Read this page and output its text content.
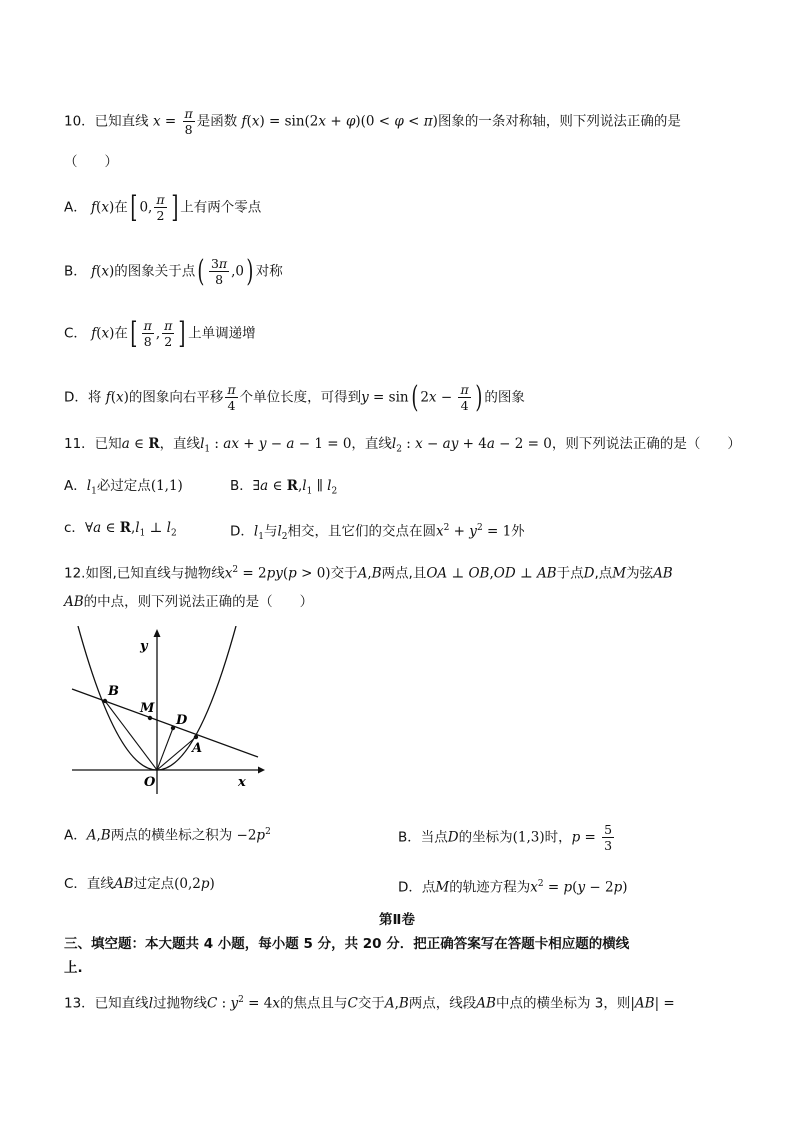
10．已知直线 $x = \frac{\pi}{8}$ 是函数 f(x) = sin(2x + φ)(0 < φ < π)图象的一条对称轴，则下列说法正确的是
（　　）
A． f(x)在[ 0, $\frac{\pi}{2}$ ] 上有两个零点
B． f(x)的图象关于点( $\frac{3\pi}{8} ,0$) 对称
C． f(x)在[ $\frac{\pi}{8}$ , $\frac{\pi}{2}$ ] 上单调递增
D．将 f(x)的图象向右平移 $\frac{\pi}{4}$ 个单位长度，可得到y = sin( $2x - \frac{\pi}{4}$ ) 的图象
11．已知a ∈ R，直线$l_1$ : ax + y − a − 1 = 0，直线$l_2$ : x − ay + 4a − 2 = 0，则下列说法正确的是（　　）
A．$l_1$必过定点(1,1)	B．∃a ∈ $R,l_1$ ∥ $l_2$
c．∀a ∈ $R,l_1$ ⊥ $l_2$	D．$l_1$与$l_2$相交，且它们的交点在圆$x^2 + y^2 = 1$外
12.如图,已知直线与抛物线$x^2 = 2py(p > 0)$交于A,B两点,且OA ⊥ OB,OD ⊥ AB于点D,点M为弦AB
AB的中点，则下列说法正确的是（　　）
y
x
O
B
M
D
A
A．A,B两点的横坐标之积为 $-2p^2$	B．当点D的坐标为(1,3)时，$p = \frac{5}{3}$
C．直线AB过定点(0,2p)	D．点M的轨迹方程为$x^2 = p(y - 2p)$
第Ⅱ卷
三、填空题：本大题共 4 小题，每小题 5 分，共 20 分．把正确答案写在答题卡相应题的横线
上.
13．已知直线l过抛物线C : $y^2 = 4x$的焦点且与C交于A,B两点，线段AB中点的横坐标为 3，则|AB| =
